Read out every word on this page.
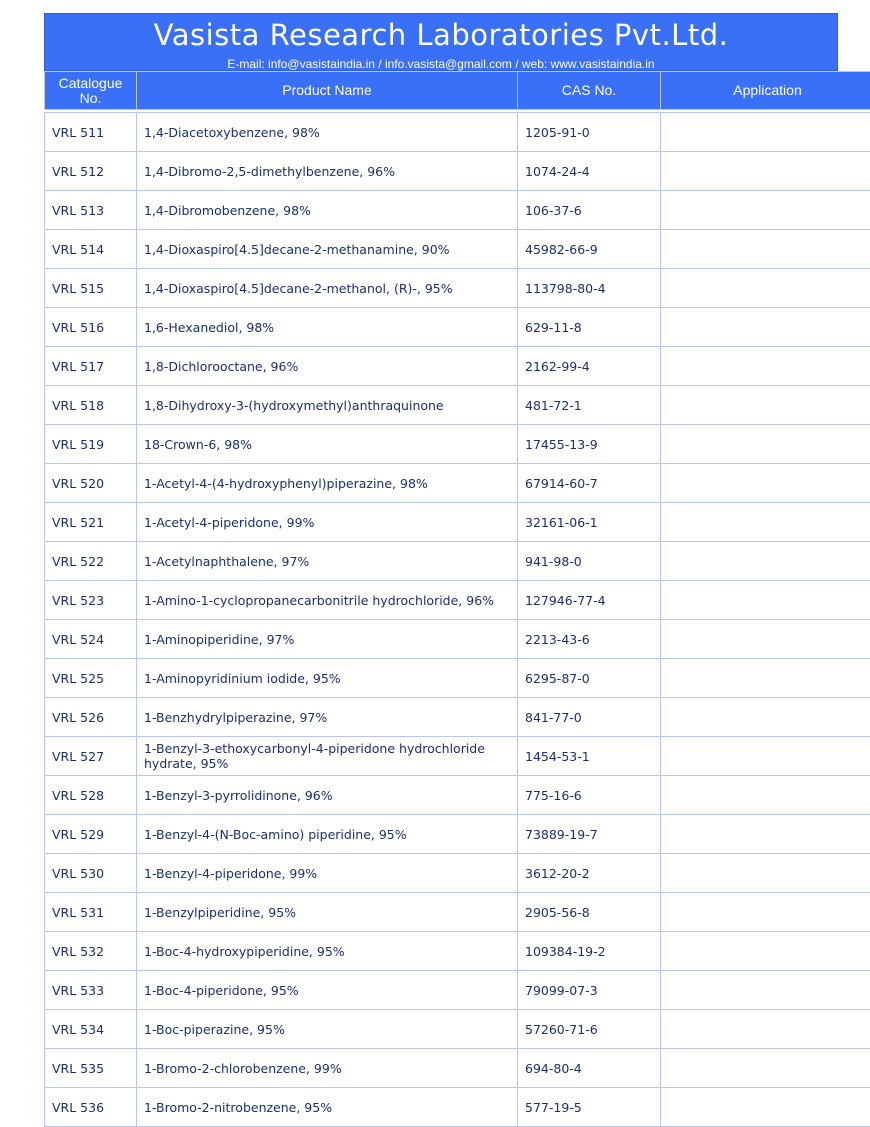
Vasista Research Laboratories Pvt.Ltd.
E-mail: info@vasistaindia.in / info.vasista@gmail.com / web: www.vasistaindia.in
Catalogue No.	Product Name	CAS No.	Application

VRL 511	1,4-Diacetoxybenzene, 98%	1205-91-0	
VRL 512	1,4-Dibromo-2,5-dimethylbenzene, 96%	1074-24-4	
VRL 513	1,4-Dibromobenzene, 98%	106-37-6	
VRL 514	1,4-Dioxaspiro[4.5]decane-2-methanamine, 90%	45982-66-9	
VRL 515	1,4-Dioxaspiro[4.5]decane-2-methanol, (R)-, 95%	113798-80-4	
VRL 516	1,6-Hexanediol, 98%	629-11-8	
VRL 517	1,8-Dichlorooctane, 96%	2162-99-4	
VRL 518	1,8-Dihydroxy-3-(hydroxymethyl)anthraquinone	481-72-1	
VRL 519	18-Crown-6, 98%	17455-13-9	
VRL 520	1-Acetyl-4-(4-hydroxyphenyl)piperazine, 98%	67914-60-7	
VRL 521	1-Acetyl-4-piperidone, 99%	32161-06-1	
VRL 522	1-Acetylnaphthalene, 97%	941-98-0	
VRL 523	1-Amino-1-cyclopropanecarbonitrile hydrochloride, 96%	127946-77-4	
VRL 524	1-Aminopiperidine, 97%	2213-43-6	
VRL 525	1-Aminopyridinium iodide, 95%	6295-87-0	
VRL 526	1-Benzhydrylpiperazine, 97%	841-77-0	
VRL 527	1-Benzyl-3-ethoxycarbonyl-4-piperidone hydrochloride hydrate, 95%	1454-53-1	
VRL 528	1-Benzyl-3-pyrrolidinone, 96%	775-16-6	
VRL 529	1-Benzyl-4-(N-Boc-amino) piperidine, 95%	73889-19-7	
VRL 530	1-Benzyl-4-piperidone, 99%	3612-20-2	
VRL 531	1-Benzylpiperidine, 95%	2905-56-8	
VRL 532	1-Boc-4-hydroxypiperidine, 95%	109384-19-2	
VRL 533	1-Boc-4-piperidone, 95%	79099-07-3	
VRL 534	1-Boc-piperazine, 95%	57260-71-6	
VRL 535	1-Bromo-2-chlorobenzene, 99%	694-80-4	
VRL 536	1-Bromo-2-nitrobenzene, 95%	577-19-5	
